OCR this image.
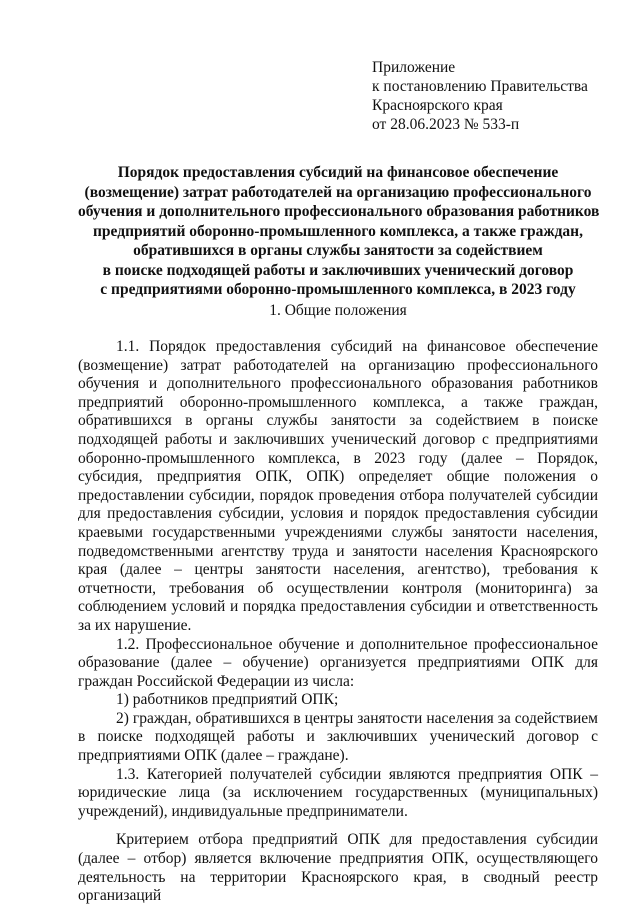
Приложение
к постановлению Правительства
Красноярского края
от 28.06.2023 № 533-п
Порядок предоставления субсидий на финансовое обеспечение
(возмещение) затрат работодателей на организацию профессионального
обучения и дополнительного профессионального образования работников
предприятий оборонно-промышленного комплекса, а также граждан,
обратившихся в органы службы занятости за содействием
в поиске подходящей работы и заключивших ученический договор
с предприятиями оборонно-промышленного комплекса, в 2023 году
1. Общие положения

1.1. Порядок предоставления субсидий на финансовое обеспечение (возмещение) затрат работодателей на организацию профессионального обучения и дополнительного профессионального образования работников предприятий оборонно-промышленного комплекса, а также граждан, обратившихся в органы службы занятости за содействием в поиске подходящей работы и заключивших ученический договор с предприятиями оборонно-промышленного комплекса, в 2023 году (далее – Порядок, субсидия, предприятия ОПК, ОПК) определяет общие положения о предоставлении субсидии, порядок проведения отбора получателей субсидии для предоставления субсидии, условия и порядок предоставления субсидии краевыми государственными учреждениями службы занятости населения, подведомственными агентству труда и занятости населения Красноярского края (далее – центры занятости населения, агентство), требования к отчетности, требования об осуществлении контроля (мониторинга) за соблюдением условий и порядка предоставления субсидии и ответственность за их нарушение.

1.2. Профессиональное обучение и дополнительное профессиональное образование (далее – обучение) организуется предприятиями ОПК для граждан Российской Федерации из числа:

1) работников предприятий ОПК;

2) граждан, обратившихся в центры занятости населения за содействием в поиске подходящей работы и заключивших ученический договор с предприятиями ОПК (далее – граждане).

1.3. Категорией получателей субсидии являются предприятия ОПК – юридические лица (за исключением государственных (муниципальных) учреждений), индивидуальные предприниматели.

Критерием отбора предприятий ОПК для предоставления субсидии (далее – отбор) является включение предприятия ОПК, осуществляющего деятельность на территории Красноярского края, в сводный реестр организаций
